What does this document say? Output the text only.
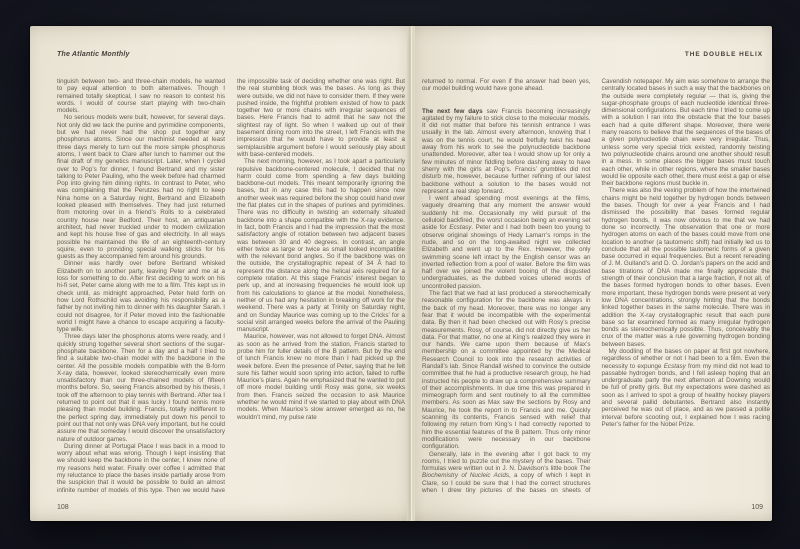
The Atlantic Monthly

tinguish between two- and three-chain models, he wanted to pay equal attention to both alternatives. Though I remained totally skeptical, I saw no reason to contest his words. I would of course start playing with two-chain models.

No serious models were built, however, for several days. Not only did we lack the purine and pyrimidine components, but we had never had the shop put together any phosphorus atoms. Since our machinist needed at least three days merely to turn out the more simple phosphorus atoms, I went back to Clare after lunch to hammer out the final draft of my genetics manuscript. Later, when I cycled over to Pop’s for dinner, I found Bertrand and my sister talking to Peter Pauling, who the week before had charmed Pop into giving him dining rights. In contrast to Peter, who was complaining that the Perutzes had no right to keep Nina home on a Saturday night, Bertrand and Elizabeth looked pleased with themselves. They had just returned from motoring over in a friend’s Rolls to a celebrated country house near Bedford. Their host, an antiquarian architect, had never truckled under to modern civilization and kept his house free of gas and electricity. In all ways possible he maintained the life of an eighteenth-century squire, even to providing special walking sticks for his guests as they accompanied him around his grounds.

Dinner was hardly over before Bertrand whisked Elizabeth on to another party, leaving Peter and me at a loss for something to do. After first deciding to work on his hi-fi set, Peter came along with me to a film. This kept us in check until, as midnight approached, Peter held forth on how Lord Rothschild was avoiding his responsibility as a father by not inviting him to dinner with his daughter Sarah. I could not disagree, for if Peter moved into the fashionable world I might have a chance to escape acquiring a faculty-type wife.

Three days later the phosphorus atoms were ready, and I quickly strung together several short sections of the sugar-phosphate backbone. Then for a day and a half I tried to find a suitable two-chain model with the backbone in the center. All the possible models compatible with the B-form X-ray data, however, looked stereochemically even more unsatisfactory than our three-chained models of fifteen months before. So, seeing Francis absorbed by his thesis, I took off the afternoon to play tennis with Bertrand. After tea I returned to point out that it was lucky I found tennis more pleasing than model building. Francis, totally indifferent to the perfect spring day, immediately put down his pencil to point out that not only was DNA very important, but he could assure me that someday I would discover the unsatisfactory nature of outdoor games.

During dinner at Portugal Place I was back in a mood to worry about what was wrong. Though I kept insisting that we should keep the backbone in the center, I knew none of my reasons held water. Finally over coffee I admitted that my reluctance to place the bases inside partially arose from the suspicion that it would be possible to build an almost infinite number of models of this type. Then we would have the impossible task of deciding whether one was right. But the real stumbling block was the bases. As long as they were outside, we did not have to consider them. If they were pushed inside, the frightful problem existed of how to pack together two or more chains with irregular sequences of bases. Here Francis had to admit that he saw not the slightest ray of light. So when I walked up out of their basement dining room into the street, I left Francis with the impression that he would have to provide at least a semiplausible argument before I would seriously play about with base-centered models.

The next morning, however, as I took apart a particularly repulsive backbone-centered molecule, I decided that no harm could come from spending a few days building backbone-out models. This meant temporarily ignoring the bases, but in any case this had to happen since now another week was required before the shop could hand over the flat plates cut in the shapes of purines and pyrimidines. There was no difficulty in twisting an externally situated backbone into a shape compatible with the X-ray evidence. In fact, both Francis and I had the impression that the most satisfactory angle of rotation between two adjacent bases was between 30 and 40 degrees. In contrast, an angle either twice as large or twice as small looked incompatible with the relevant bond angles. So if the backbone was on the outside, the crystallographic repeat of 34 Å had to represent the distance along the helical axis required for a complete rotation. At this stage Francis’ interest began to perk up, and at increasing frequencies he would look up from his calculations to glance at the model. Nonetheless, neither of us had any hesitation in breaking off work for the weekend. There was a party at Trinity on Saturday night, and on Sunday Maurice was coming up to the Cricks’ for a social visit arranged weeks before the arrival of the Pauling manuscript.

Maurice, however, was not allowed to forget DNA. Almost as soon as he arrived from the station, Francis started to probe him for fuller details of the B pattern. But by the end of lunch Francis knew no more than I had picked up the week before. Even the presence of Peter, saying that he felt sure his father would soon spring into action, failed to ruffle Maurice’s plans. Again he emphasized that he wanted to put off more model building until Rosy was gone, six weeks from then. Francis seized the occasion to ask Maurice whether he would mind if we started to play about with DNA models. When Maurice’s slow answer emerged as no, he wouldn’t mind, my pulse rate

108
THE DOUBLE HELIX

returned to normal. For even if the answer had been yes, our model building would have gone ahead.

The next few days saw Francis becoming increasingly agitated by my failure to stick close to the molecular models. It did not matter that before his tennish entrance I was usually in the lab. Almost every afternoon, knowing that I was on the tennis court, he would fretfully twist his head away from his work to see the polynucleotide backbone unattended. Moreover, after tea I would show up for only a few minutes of minor fiddling before dashing away to have sherry with the girls at Pop’s. Francis’ grumbles did not disturb me, however, because further refining of our latest backbone without a solution to the bases would not represent a real step forward.

I went ahead spending most evenings at the films, vaguely dreaming that any moment the answer would suddenly hit me. Occasionally my wild pursuit of the celluloid backfired, the worst occasion being an evening set aside for Ecstasy. Peter and I had both been too young to observe original showings of Hedy Lamarr’s romps in the nude, and so on the long-awaited night we collected Elizabeth and went up to the Rex. However, the only swimming scene left intact by the English censor was an inverted reflection from a pool of water. Before the film was half over we joined the violent booing of the disgusted undergraduates, as the dubbed voices uttered words of uncontrolled passion.

The fact that we had at last produced a stereochemically reasonable configuration for the backbone was always in the back of my head. Moreover, there was no longer any fear that it would be incompatible with the experimental data. By then it had been checked out with Rosy’s precise measurements. Rosy, of course, did not directly give us her data. For that matter, no one at King’s realized they were in our hands. We came upon them because of Max’s membership on a committee appointed by the Medical Research Council to look into the research activities of Randall’s lab. Since Randall wished to convince the outside committee that he had a productive research group, he had instructed his people to draw up a comprehensive summary of their accomplishments. In due time this was prepared in mimeograph form and sent routinely to all the committee members. As soon as Max saw the sections by Rosy and Maurice, he took the report in to Francis and me. Quickly scanning its contents, Francis sensed with relief that following my return from King’s I had correctly reported to him the essential features of the B pattern. Thus only minor modifications were necessary in our backbone configuration.

Generally, late in the evening after I got back to my rooms, I tried to puzzle out the mystery of the bases. Their formulas were written out in J. N. Davidson’s little book The Biochemistry of Nucleic Acids, a copy of which I kept in Clare, so I could be sure that I had the correct structures when I drew tiny pictures of the bases on sheets of Cavendish notepaper. My aim was somehow to arrange the centrally located bases in such a way that the backbones on the outside were completely regular — that is, giving the sugar-phosphate groups of each nucleotide identical three-dimensional configurations. But each time I tried to come up with a solution I ran into the obstacle that the four bases each had a quite different shape. Moreover, there were many reasons to believe that the sequences of the bases of a given polynucleotide chain were very irregular. Thus, unless some very special trick existed, randomly twisting two polynucleotide chains around one another should result in a mess. In some places the bigger bases must touch each other, while in other regions, where the smaller bases would lie opposite each other, there must exist a gap or else their backbone regions must buckle in.

There was also the vexing problem of how the intertwined chains might be held together by hydrogen bonds between the bases. Though for over a year Francis and I had dismissed the possibility that bases formed regular hydrogen bonds, it was now obvious to me that we had done so incorrectly. The observation that one or more hydrogen atoms on each of the bases could move from one location to another (a tautomeric shift) had initially led us to conclude that all the possible tautomeric forms of a given base occurred in equal frequencies. But a recent rereading of J. M. Gulland’s and D. O. Jordan’s papers on the acid and base titrations of DNA made me finally appreciate the strength of their conclusion that a large fraction, if not all, of the bases formed hydrogen bonds to other bases. Even more important, these hydrogen bonds were present at very low DNA concentrations, strongly hinting that the bonds linked together bases in the same molecule. There was in addition the X-ray crystallographic result that each pure base so far examined formed as many irregular hydrogen bonds as stereochemically possible. Thus, conceivably the crux of the matter was a rule governing hydrogen bonding between bases.

My doodling of the bases on paper at first got nowhere, regardless of whether or not I had been to a film. Even the necessity to expunge Ecstasy from my mind did not lead to passable hydrogen bonds, and I fell asleep hoping that an undergraduate party the next afternoon at Downing would be full of pretty girls. But my expectations were dashed as soon as I arrived to spot a group of healthy hockey players and several pallid debutantes. Bertrand also instantly perceived he was out of place, and as we passed a polite interval before scooting out, I explained how I was racing Peter’s father for the Nobel Prize.

109
